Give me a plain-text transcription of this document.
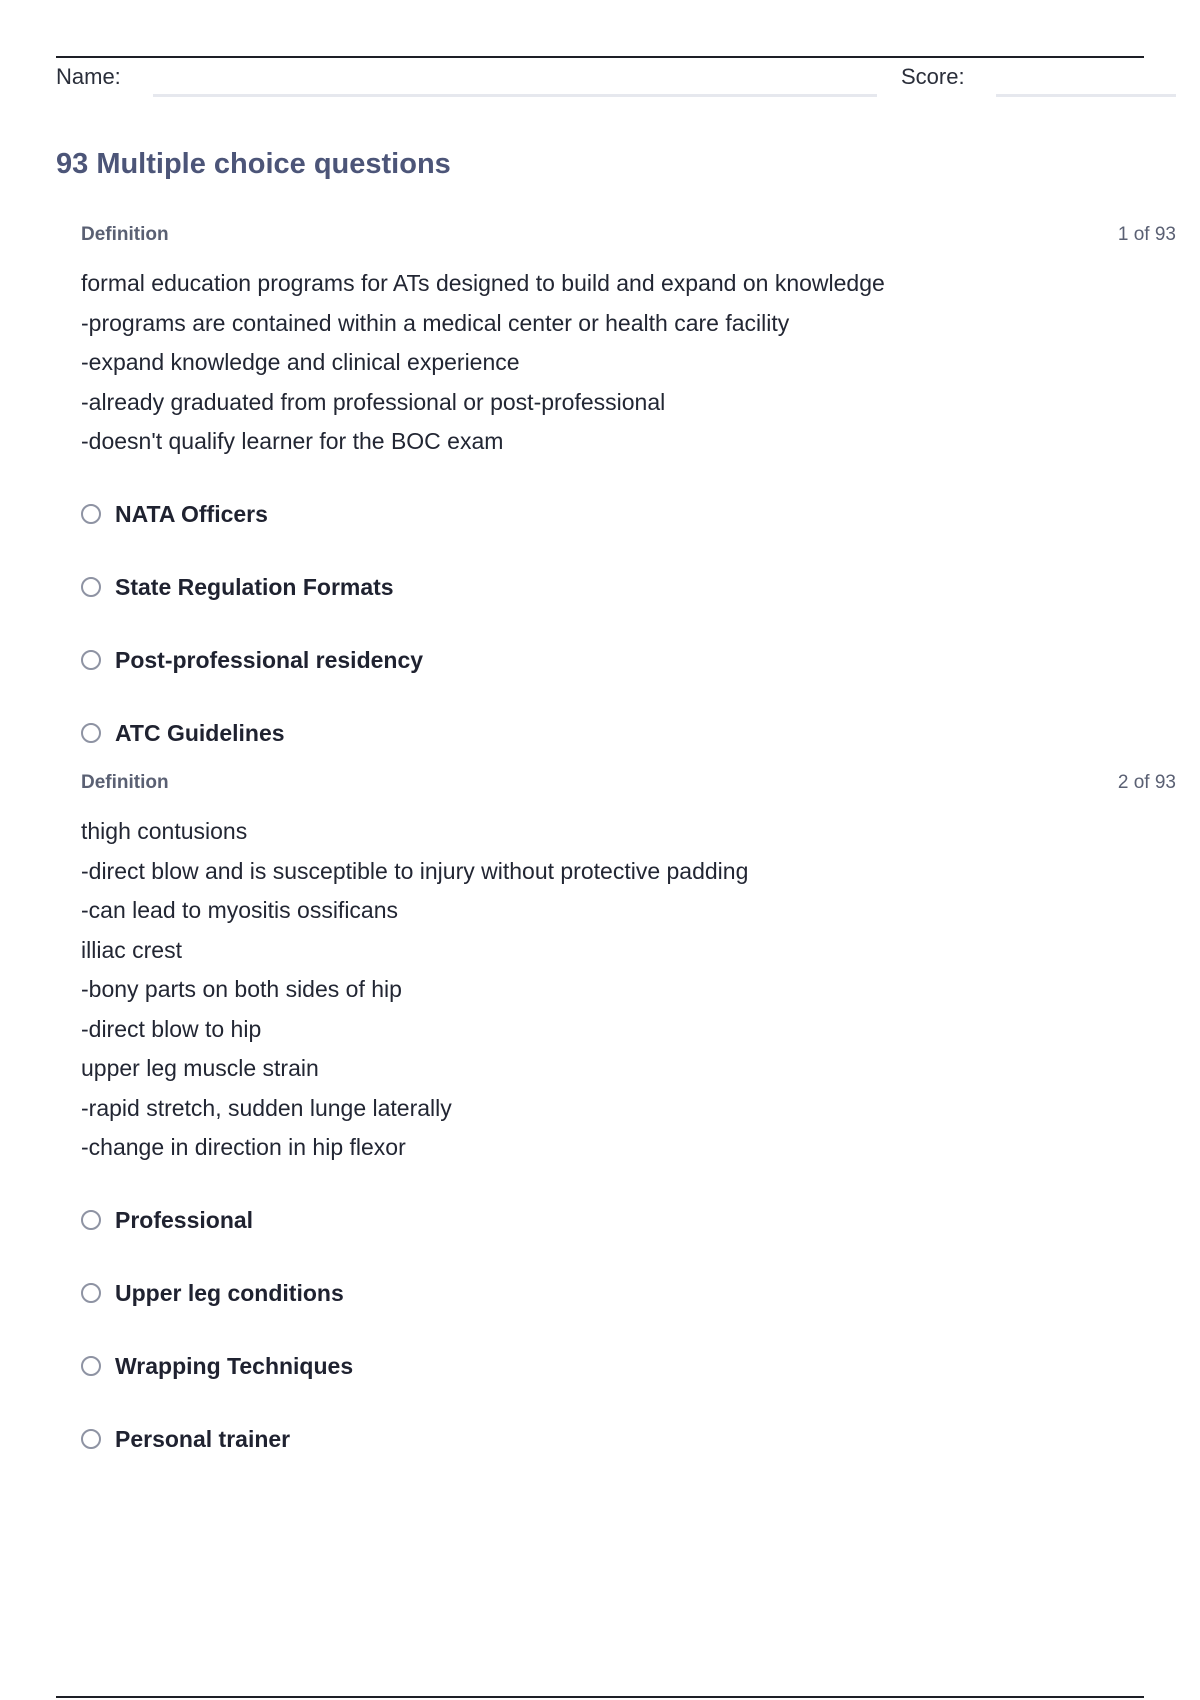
Name:	Score:
93 Multiple choice questions
Definition	1 of 93
formal education programs for ATs designed to build and expand on knowledge
-programs are contained within a medical center or health care facility
-expand knowledge and clinical experience
-already graduated from professional or post-professional
-doesn't qualify learner for the BOC exam
NATA Officers
State Regulation Formats
Post-professional residency
ATC Guidelines
Definition	2 of 93
thigh contusions
-direct blow and is susceptible to injury without protective padding
-can lead to myositis ossificans
illiac crest
-bony parts on both sides of hip
-direct blow to hip
upper leg muscle strain
-rapid stretch, sudden lunge laterally
-change in direction in hip flexor
Professional
Upper leg conditions
Wrapping Techniques
Personal trainer
